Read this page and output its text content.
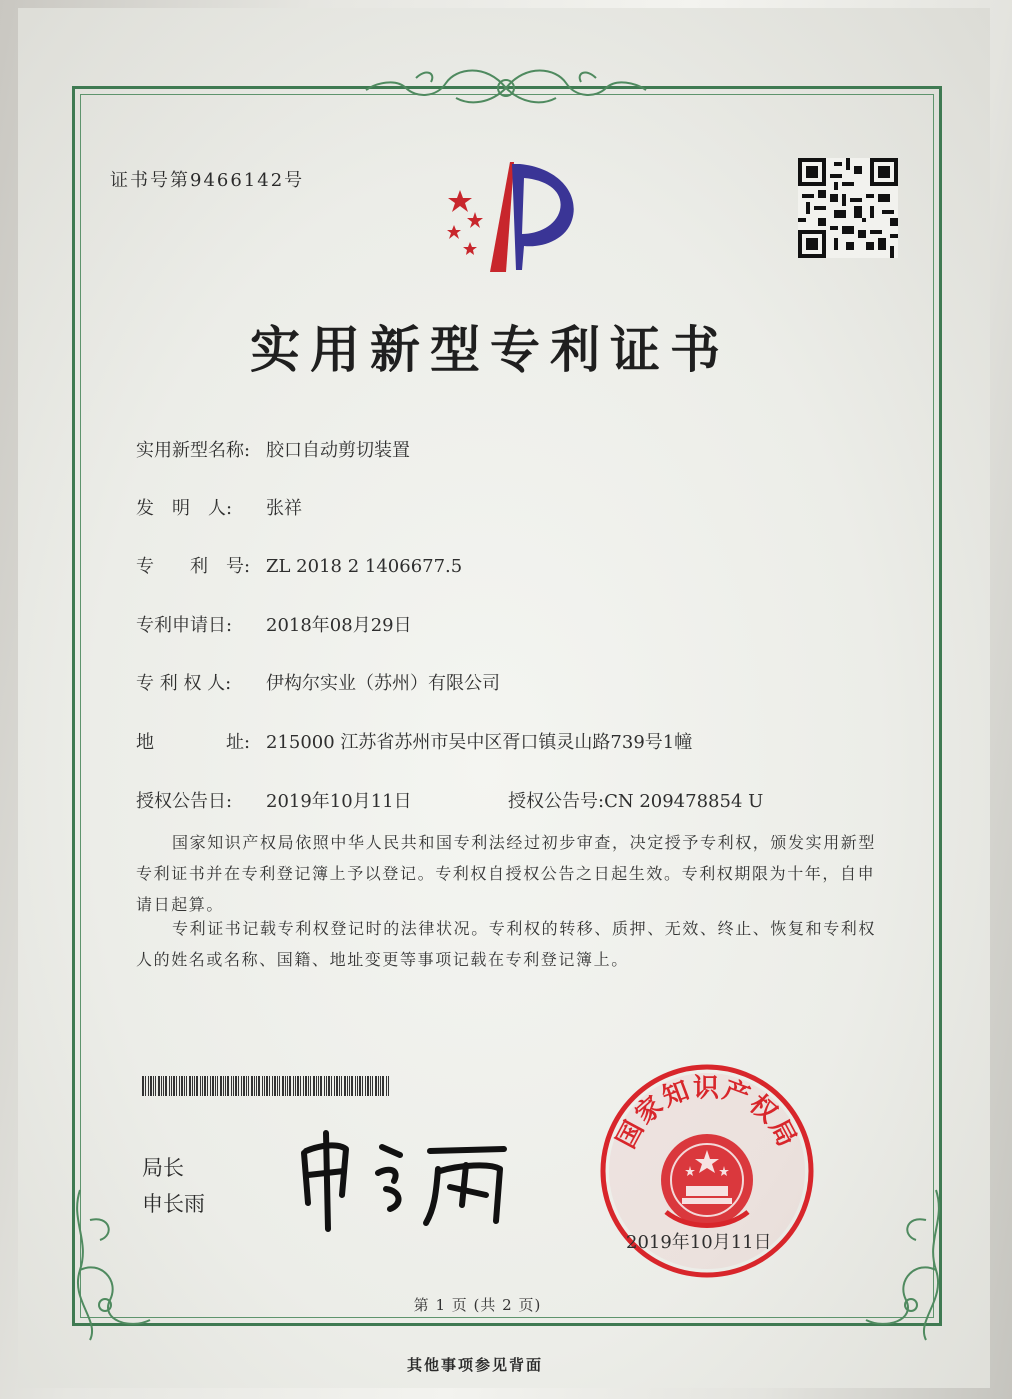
证书号第9466142号
实用新型专利证书
实用新型名称: 胶口自动剪切装置
发　明　人: 张祥
专　　利　号: ZL 2018 2 1406677.5
专利申请日: 2018年08月29日
专 利 权 人: 伊构尔实业（苏州）有限公司
地　　　　址: 215000 江苏省苏州市吴中区胥口镇灵山路739号1幢
授权公告日: 2019年10月11日	授权公告号:CN 209478854 U
国家知识产权局依照中华人民共和国专利法经过初步审查，决定授予专利权，颁发实用新型专利证书并在专利登记簿上予以登记。专利权自授权公告之日起生效。专利权期限为十年，自申请日起算。
专利证书记载专利权登记时的法律状况。专利权的转移、质押、无效、终止、恢复和专利权人的姓名或名称、国籍、地址变更等事项记载在专利登记簿上。
局长
申长雨
国家知识产权局
2019年10月11日
第 1 页 (共 2 页)
其他事项参见背面
